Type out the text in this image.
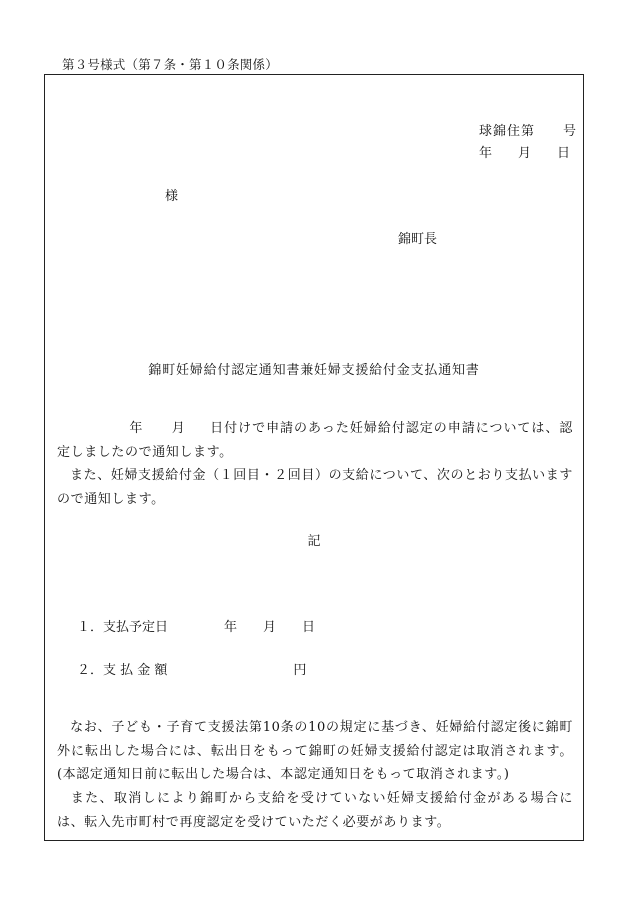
第３号様式（第７条・第１０条関係）
球錦住第　　号
年　　月　　日
様
錦町長
錦町妊婦給付認定通知書兼妊婦支援給付金支払通知書

年 月 日付けで申請のあった妊婦給付認定の申請については、認定しましたので通知します。

また、妊婦支援給付金（１回目・２回目）の支給について、次のとおり支払いますので通知します。

記
１．支払予定日	年 月 日
２．支 払 金 額	円

なお、子ども・子育て支援法第10条の10の規定に基づき、妊婦給付認定後に錦町外に転出した場合には、転出日をもって錦町の妊婦支援給付認定は取消されます。(本認定通知日前に転出した場合は、本認定通知日をもって取消されます。)

また、取消しにより錦町から支給を受けていない妊婦支援給付金がある場合には、転入先市町村で再度認定を受けていただく必要があります。
